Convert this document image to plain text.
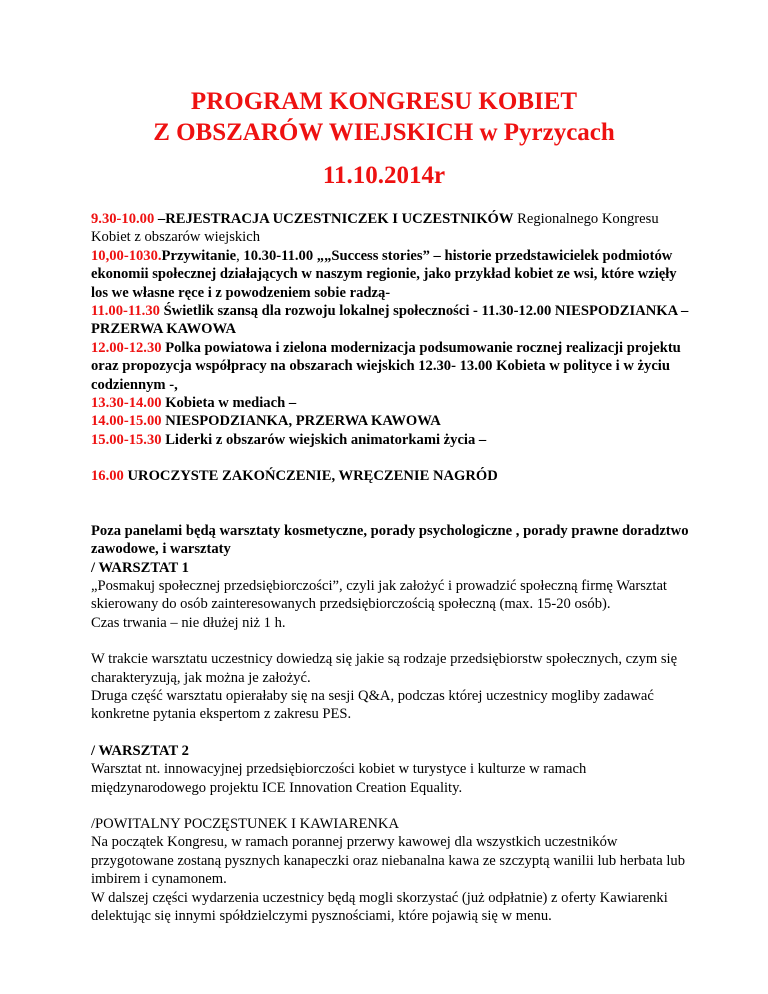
PROGRAM KONGRESU KOBIET
Z OBSZARÓW WIEJSKICH w Pyrzycach
11.10.2014r

9.30-10.00 –REJESTRACJA UCZESTNICZEK I UCZESTNIKÓW Regionalnego Kongresu Kobiet z obszarów wiejskich

10,00-1030.Przywitanie, 10.30-11.00 „„Success stories” – historie przedstawicielek podmiotów ekonomii społecznej działających w naszym regionie, jako przykład kobiet ze wsi, które wzięły los we własne ręce i z powodzeniem sobie radzą-

11.00-11.30 Świetlik szansą dla rozwoju lokalnej społeczności - 11.30-12.00 NIESPODZIANKA –PRZERWA KAWOWA

12.00-12.30 Polka powiatowa i zielona modernizacja podsumowanie rocznej realizacji projektu oraz propozycja współpracy na obszarach wiejskich 12.30- 13.00 Kobieta w polityce i w życiu codziennym -,

13.30-14.00 Kobieta w mediach –

14.00-15.00 NIESPODZIANKA, PRZERWA KAWOWA

15.00-15.30 Liderki z obszarów wiejskich animatorkami życia –

16.00 UROCZYSTE ZAKOŃCZENIE, WRĘCZENIE NAGRÓD

Poza panelami będą warsztaty kosmetyczne, porady psychologiczne , porady prawne doradztwo zawodowe, i warsztaty

/ WARSZTAT 1

„Posmakuj społecznej przedsiębiorczości”, czyli jak założyć i prowadzić społeczną firmę Warsztat skierowany do osób zainteresowanych przedsiębiorczością społeczną (max. 15-20 osób).

Czas trwania – nie dłużej niż 1 h.

W trakcie warsztatu uczestnicy dowiedzą się jakie są rodzaje przedsiębiorstw społecznych, czym się charakteryzują, jak można je założyć.

Druga część warsztatu opierałaby się na sesji Q&A, podczas której uczestnicy mogliby zadawać konkretne pytania ekspertom z zakresu PES.

/ WARSZTAT 2

Warsztat nt. innowacyjnej przedsiębiorczości kobiet w turystyce i kulturze w ramach międzynarodowego projektu ICE Innovation Creation Equality.

/POWITALNY POCZĘSTUNEK I KAWIARENKA

Na początek Kongresu, w ramach porannej przerwy kawowej dla wszystkich uczestników przygotowane zostaną pysznych kanapeczki oraz niebanalna kawa ze szczyptą wanilii lub herbata lub imbirem i cynamonem.

W dalszej części wydarzenia uczestnicy będą mogli skorzystać (już odpłatnie) z oferty Kawiarenki delektując się innymi spółdzielczymi pysznościami, które pojawią się w menu.
